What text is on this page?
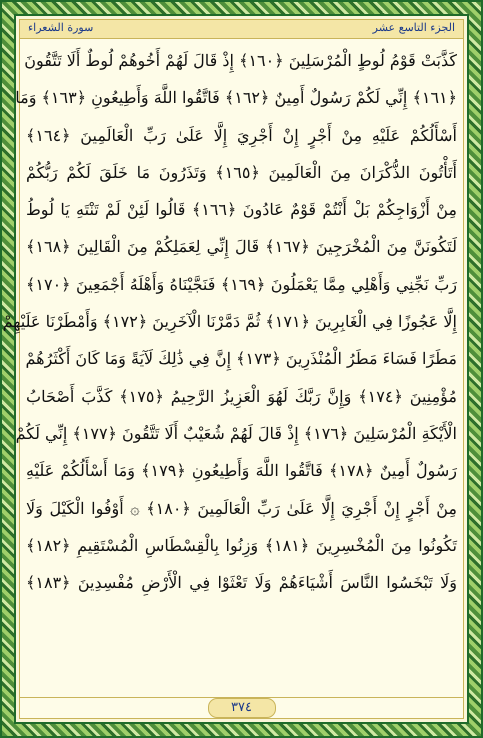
الجزء التاسع عشر
سورة الشعراء
كَذَّبَتْ قَوْمُ لُوطٍ الْمُرْسَلِينَ ﴿١٦٠﴾ إِذْ قَالَ لَهُمْ أَخُوهُمْ لُوطٌ أَلَا تَتَّقُونَ
﴿١٦١﴾ إِنِّي لَكُمْ رَسُولٌ أَمِينٌ ﴿١٦٢﴾ فَاتَّقُوا اللَّهَ وَأَطِيعُونِ ﴿١٦٣﴾ وَمَا
أَسْأَلُكُمْ عَلَيْهِ مِنْ أَجْرٍ إِنْ أَجْرِيَ إِلَّا عَلَىٰ رَبِّ الْعَالَمِينَ ﴿١٦٤﴾
أَتَأْتُونَ الذُّكْرَانَ مِنَ الْعَالَمِينَ ﴿١٦٥﴾ وَتَذَرُونَ مَا خَلَقَ لَكُمْ رَبُّكُمْ
مِنْ أَزْوَاجِكُمْ بَلْ أَنْتُمْ قَوْمٌ عَادُونَ ﴿١٦٦﴾ قَالُوا لَئِنْ لَمْ تَنْتَهِ يَا لُوطُ
لَتَكُونَنَّ مِنَ الْمُخْرَجِينَ ﴿١٦٧﴾ قَالَ إِنِّي لِعَمَلِكُمْ مِنَ الْقَالِينَ ﴿١٦٨﴾
رَبِّ نَجِّنِي وَأَهْلِي مِمَّا يَعْمَلُونَ ﴿١٦٩﴾ فَنَجَّيْنَاهُ وَأَهْلَهُ أَجْمَعِينَ ﴿١٧٠﴾
إِلَّا عَجُوزًا فِي الْغَابِرِينَ ﴿١٧١﴾ ثُمَّ دَمَّرْنَا الْآخَرِينَ ﴿١٧٢﴾ وَأَمْطَرْنَا عَلَيْهِمْ
مَطَرًا فَسَاءَ مَطَرُ الْمُنْذَرِينَ ﴿١٧٣﴾ إِنَّ فِي ذَٰلِكَ لَآيَةً وَمَا كَانَ أَكْثَرُهُمْ
مُؤْمِنِينَ ﴿١٧٤﴾ وَإِنَّ رَبَّكَ لَهُوَ الْعَزِيزُ الرَّحِيمُ ﴿١٧٥﴾ كَذَّبَ أَصْحَابُ
الْأَيْكَةِ الْمُرْسَلِينَ ﴿١٧٦﴾ إِذْ قَالَ لَهُمْ شُعَيْبٌ أَلَا تَتَّقُونَ ﴿١٧٧﴾ إِنِّي لَكُمْ
رَسُولٌ أَمِينٌ ﴿١٧٨﴾ فَاتَّقُوا اللَّهَ وَأَطِيعُونِ ﴿١٧٩﴾ وَمَا أَسْأَلُكُمْ عَلَيْهِ
مِنْ أَجْرٍ إِنْ أَجْرِيَ إِلَّا عَلَىٰ رَبِّ الْعَالَمِينَ ﴿١٨٠﴾ ۞ أَوْفُوا الْكَيْلَ وَلَا
تَكُونُوا مِنَ الْمُخْسِرِينَ ﴿١٨١﴾ وَزِنُوا بِالْقِسْطَاسِ الْمُسْتَقِيمِ ﴿١٨٢﴾
وَلَا تَبْخَسُوا النَّاسَ أَشْيَاءَهُمْ وَلَا تَعْثَوْا فِي الْأَرْضِ مُفْسِدِينَ ﴿١٨٣﴾
٣٧٤
